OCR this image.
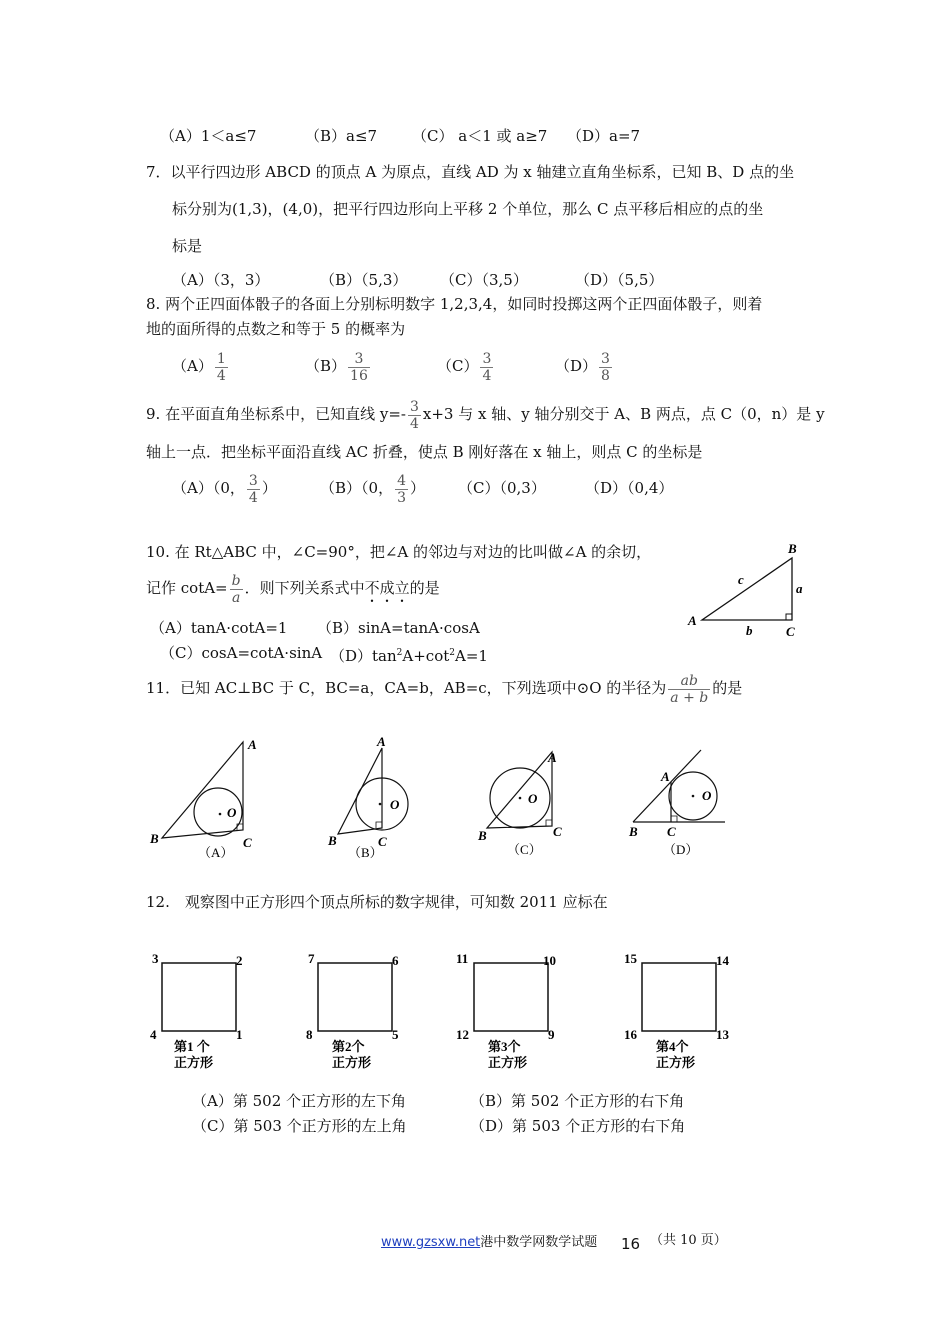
（A）1＜a≤7	（B）a≤7 （C） a＜1 或 a≥7 （D）a=7
7．以平行四边形 ABCD 的顶点 A 为原点，直线 AD 为 x 轴建立直角坐标系，已知 B、D 点的坐
标分别为(1,3)，(4,0)，把平行四边形向上平移 2 个单位，那么 C 点平移后相应的点的坐
标是
（A）（3，3）	（B）（5,3） （C）（3,5）	（D）（5,5）
8. 两个正四面体骰子的各面上分别标明数字 1,2,3,4，如同时投掷这两个正四面体骰子，则着
地的面所得的点数之和等于 5 的概率为
$(A) \frac{1}{4}$	$(B) \frac{3}{16}$	$(C) \frac{3}{4}$	$(D) \frac{3}{8}$
9. 在平面直角坐标系中，已知直线 $y=- \frac{3}{4} x+3$ 与 x 轴、y 轴分别交于 A、B 两点，点 C（0，n）是 y
轴上一点．把坐标平面沿直线 AC 折叠，使点 B 刚好落在 x 轴上，则点 C 的坐标是
（A）（0， $\frac{3}{4}$ ）	（B）（0， $\frac{4}{3}$ ） （C）（0,3）	（D）（0,4）
10. 在 Rt△ABC 中，∠C=90°，把∠A 的邻边与对边的比叫做∠A 的余切，
记作 $\cot A= \frac{b}{a}$ ．则下列关系式中不成立的是
（A）tanA·cotA=1 （B）sinA=tanA·cosA
（C）cosA=cotA·sinA $(D)\tan^2A+\cot^2A=1$
B
A
C
a
b
c
11．已知 AC⊥BC 于 C，BC=a，CA=b，AB=c，下列选项中⊙O 的半径为 $\frac{ab}{a + b}$ 的是
A
B	C
O
（A）
A
B	C
O
（B）
A
B	C
O
（C）
A
B C
O
（D）
12.　观察图中正方形四个顶点所标的数字规律，可知数 2011 应标在
3	2
4	1
第1 个
正方形
7	6
8	5
第2个
正方形
11	10
12	9
第3个
正方形
15	14
16	13
第4个
正方形
（A）第 502 个正方形的左下角	（B）第 502 个正方形的右下角
（C）第 503 个正方形的左上角	（D）第 503 个正方形的右下角
www.gzsxw.net港中数学网数学试题 16 （共 10 页）
